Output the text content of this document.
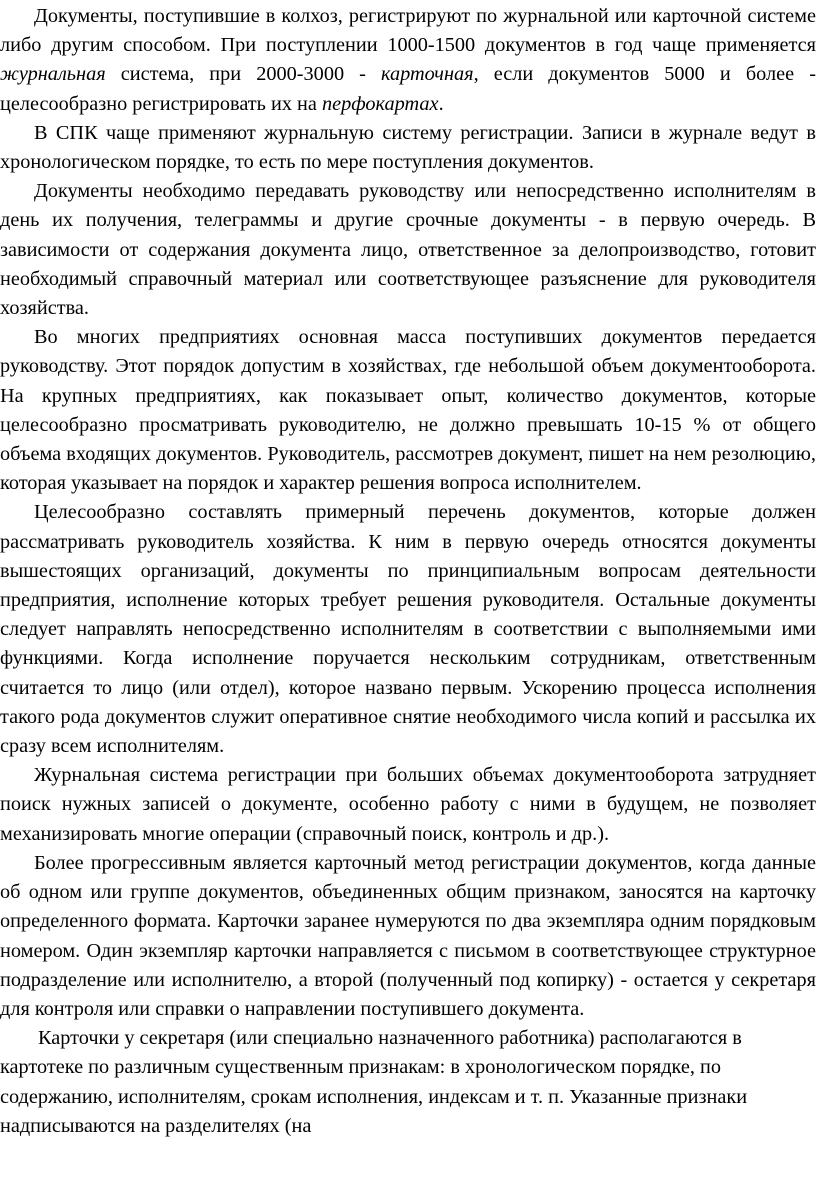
Документы, поступившие в колхоз, регистрируют по журнальной или карточной системе либо другим способом. При поступлении 1000-1500 документов в год чаще применяется журнальная система, при 2000-3000 - карточная, если документов 5000 и более - целесообразно регистрировать их на перфокартах.

В СПК чаще применяют журнальную систему регистрации. Записи в журнале ведут в хронологическом порядке, то есть по мере поступления документов.

Документы необходимо передавать руководству или непосредственно исполнителям в день их получения, телеграммы и другие срочные документы - в первую очередь. В зависимости от содержания документа лицо, ответственное за делопроизводство, готовит необходимый справочный материал или соответствующее разъяснение для руководителя хозяйства.

Во многих предприятиях основная масса поступивших документов передается руководству. Этот порядок допустим в хозяйствах, где небольшой объем документооборота. На крупных предприятиях, как показывает опыт, количество документов, которые целесообразно просматривать руководителю, не должно превышать 10-15 % от общего объема входящих документов. Руководитель, рассмотрев документ, пишет на нем резолюцию, которая указывает на порядок и характер решения вопроса исполнителем.

Целесообразно составлять примерный перечень документов, которые должен рассматривать руководитель хозяйства. К ним в первую очередь относятся документы вышестоящих организаций, документы по принципиальным вопросам деятельности предприятия, исполнение которых требует решения руководителя. Остальные документы следует направлять непосредственно исполнителям в соответствии с выполняемыми ими функциями. Когда исполнение поручается нескольким сотрудникам, ответственным считается то лицо (или отдел), которое названо первым. Ускорению процесса исполнения такого рода документов служит оперативное снятие необходимого числа копий и рассылка их сразу всем исполнителям.

Журнальная система регистрации при больших объемах документооборота затрудняет поиск нужных записей о документе, особенно работу с ними в будущем, не позволяет механизировать многие операции (справочный поиск, контроль и др.).

Более прогрессивным является карточный метод регистрации документов, когда данные об одном или группе документов, объединенных общим признаком, заносятся на карточку определенного формата. Карточки заранее нумеруются по два экземпляра одним порядковым номером. Один экземпляр карточки направляется с письмом в соответствующее структурное подразделение или исполнителю, а второй (полученный под копирку) - остается у секретаря для контроля или справки о направлении поступившего документа.

Карточки у секретаря (или специально назначенного работника) располагаются в картотеке по различным существенным признакам: в хронологическом порядке, по содержанию, исполнителям, срокам исполнения, индексам и т. п. Указанные признаки надписываются на разделителях (на
